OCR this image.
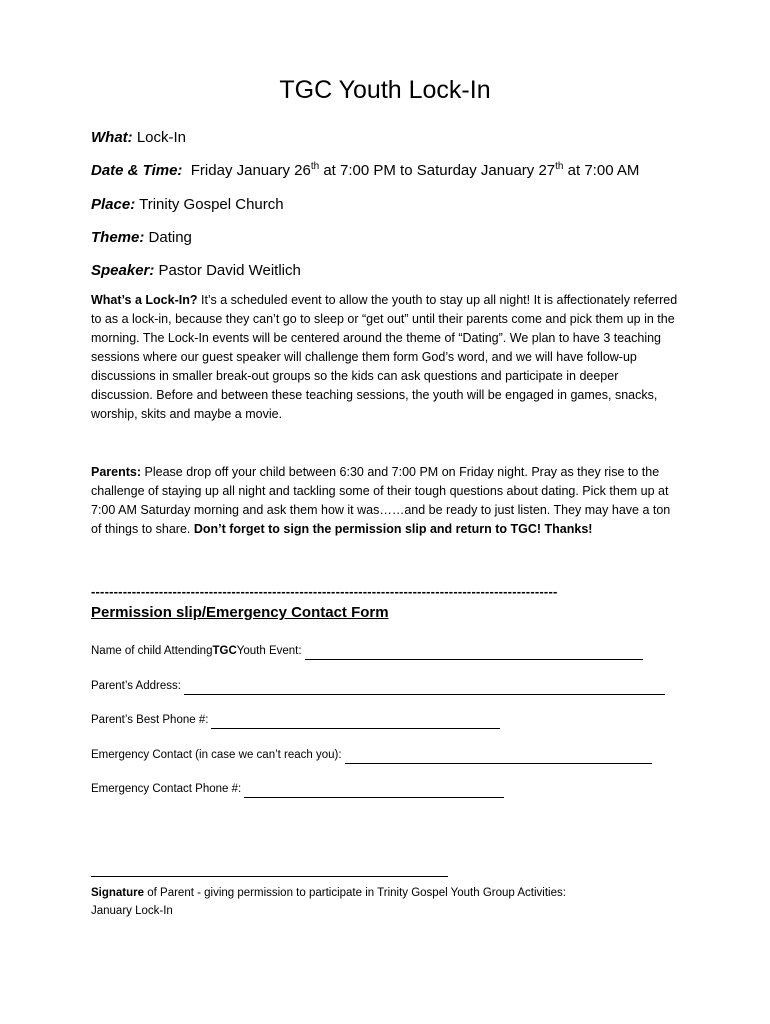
TGC Youth Lock-In
What: Lock-In
Date & Time: Friday January 26th at 7:00 PM to Saturday January 27th at 7:00 AM
Place: Trinity Gospel Church
Theme: Dating
Speaker: Pastor David Weitlich

What’s a Lock-In? It’s a scheduled event to allow the youth to stay up all night! It is affectionately referred to as a lock-in, because they can’t go to sleep or “get out” until their parents come and pick them up in the morning. The Lock-In events will be centered around the theme of “Dating”. We plan to have 3 teaching sessions where our guest speaker will challenge them form God’s word, and we will have follow-up discussions in smaller break-out groups so the kids can ask questions and participate in deeper discussion. Before and between these teaching sessions, the youth will be engaged in games, snacks, worship, skits and maybe a movie.

Parents: Please drop off your child between 6:30 and 7:00 PM on Friday night. Pray as they rise to the challenge of staying up all night and tackling some of their tough questions about dating. Pick them up at 7:00 AM Saturday morning and ask them how it was……and be ready to just listen. They may have a ton of things to share. Don’t forget to sign the permission slip and return to TGC! Thanks!

-------------------------------------------------------------------------------------------------------
Permission slip/Emergency Contact Form
Name of child Attending TGC Youth Event:
Parent’s Address:
Parent’s Best Phone #:
Emergency Contact (in case we can’t reach you):
Emergency Contact Phone #:
Signature of Parent - giving permission to participate in Trinity Gospel Youth Group Activities:
January Lock-In
